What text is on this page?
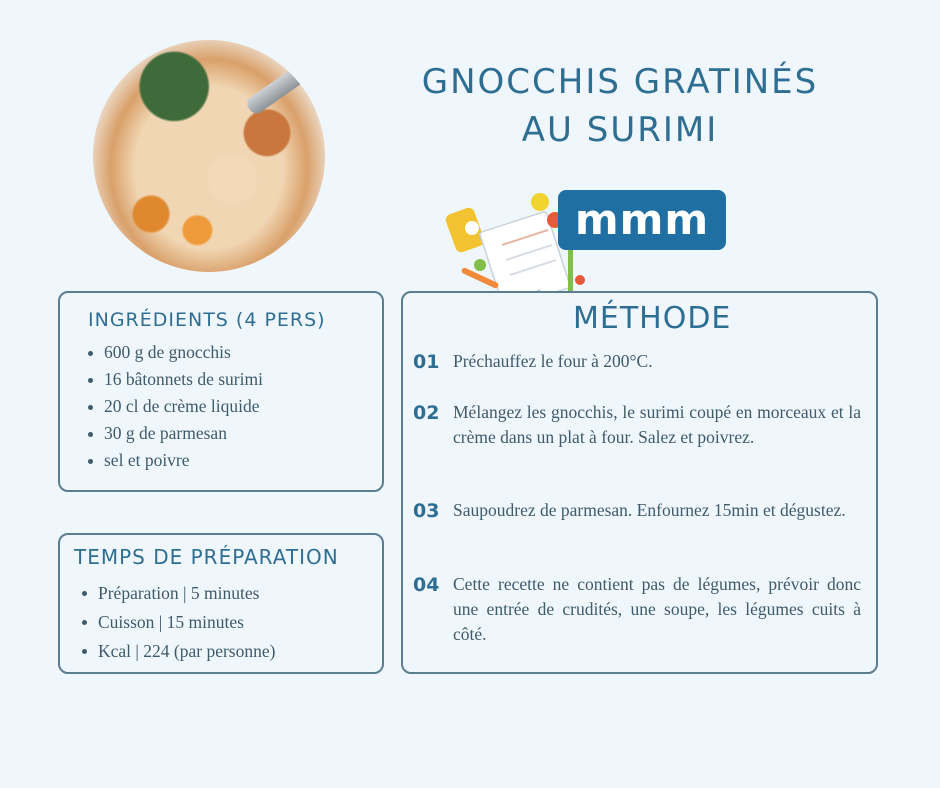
GNOCCHIS GRATINÉS
AU SURIMI
mmm
INGRÉDIENTS (4 PERS)
600 g de gnocchis
16 bâtonnets de surimi
20 cl de crème liquide
30 g de parmesan
sel et poivre
TEMPS DE PRÉPARATION
Préparation | 5 minutes
Cuisson | 15 minutes
Kcal | 224 (par personne)
MÉTHODE
01 Préchauffez le four à 200°C.
02 Mélangez les gnocchis, le surimi coupé en morceaux et la crème dans un plat à four. Salez et poivrez.
03 Saupoudrez de parmesan. Enfournez 15min et dégustez.
04 Cette recette ne contient pas de légumes, prévoir donc une entrée de crudités, une soupe, les légumes cuits à côté.
